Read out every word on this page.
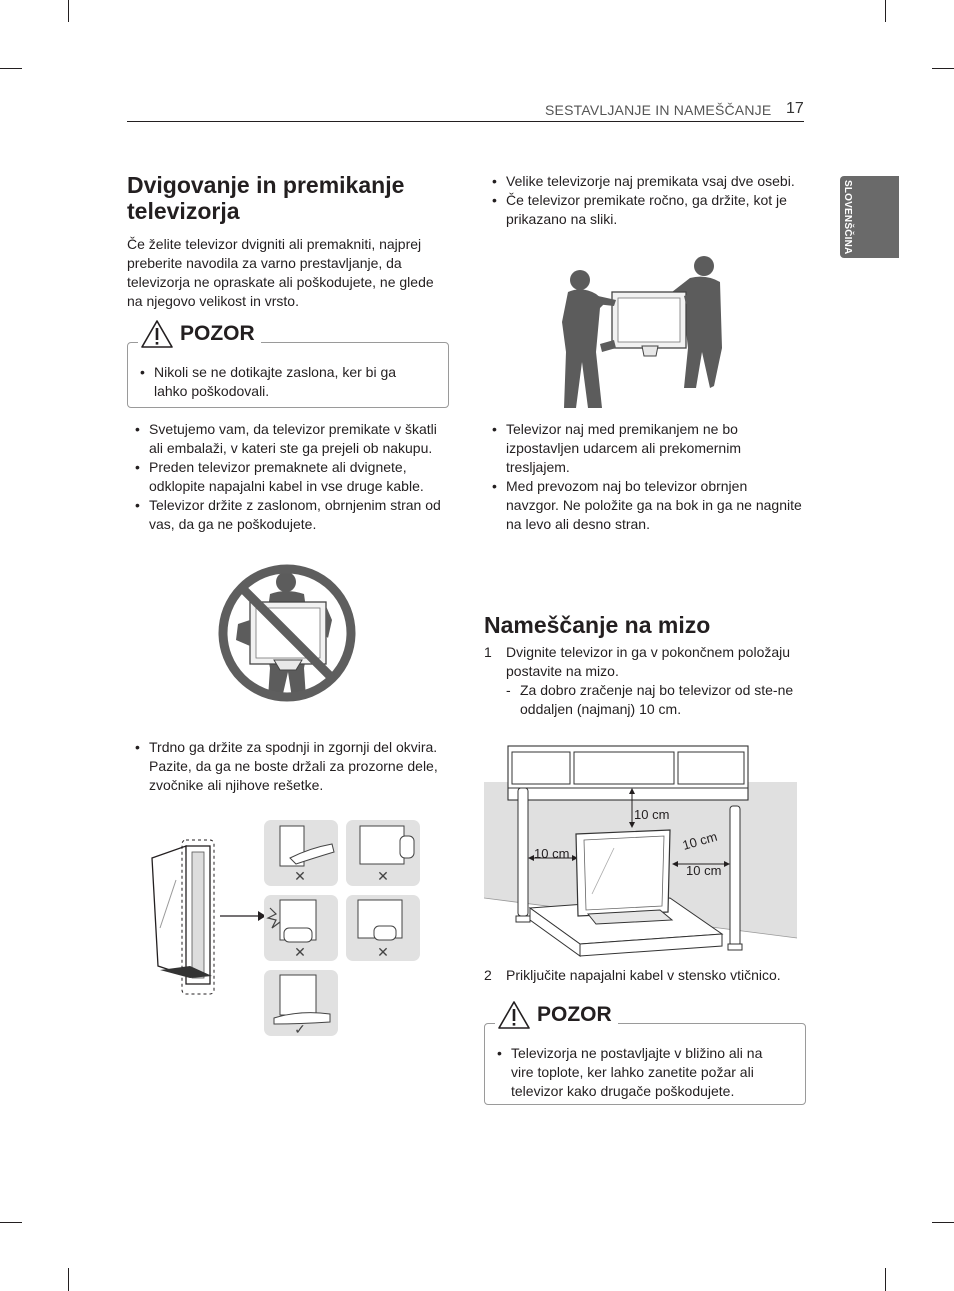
SESTAVLJANJE IN NAMEŠČANJE 17
SLOVENŠČINA
Dvigovanje in premikanje televizorja
Če želite televizor dvigniti ali premakniti, najprej preberite navodila za varno prestavljanje, da televizorja ne opraskate ali poškodujete, ne glede na njegovo velikost in vrsto.
POZOR
• Nikoli se ne dotikajte zaslona, ker bi ga lahko poškodovali.
• Svetujemo vam, da televizor premikate v škatli ali embalaži, v kateri ste ga prejeli ob nakupu.
• Preden televizor premaknete ali dvignete, odklopite napajalni kabel in vse druge kable.
• Televizor držite z zaslonom, obrnjenim stran od vas, da ga ne poškodujete.
• Trdno ga držite za spodnji in zgornji del okvira. Pazite, da ga ne boste držali za prozorne dele, zvočnike ali njihove rešetke.
✕	✕
✕	✕
✓
• Velike televizorje naj premikata vsaj dve osebi.
• Če televizor premikate ročno, ga držite, kot je prikazano na sliki.
• Televizor naj med premikanjem ne bo izpostavljen udarcem ali prekomernim tresljajem.
• Med prevozom naj bo televizor obrnjen navzgor. Ne položite ga na bok in ga ne nagnite na levo ali desno stran.
Nameščanje na mizo
1 Dvignite televizor in ga v pokončnem položaju postavite na mizo.
- Za dobro zračenje naj bo televizor od ste-ne oddaljen (najmanj) 10 cm.
10 cm
10 cm
10 cm
10 cm
2 Priključite napajalni kabel v stensko vtičnico.
POZOR
• Televizorja ne postavljajte v bližino ali na vire toplote, ker lahko zanetite požar ali televizor kako drugače poškodujete.
